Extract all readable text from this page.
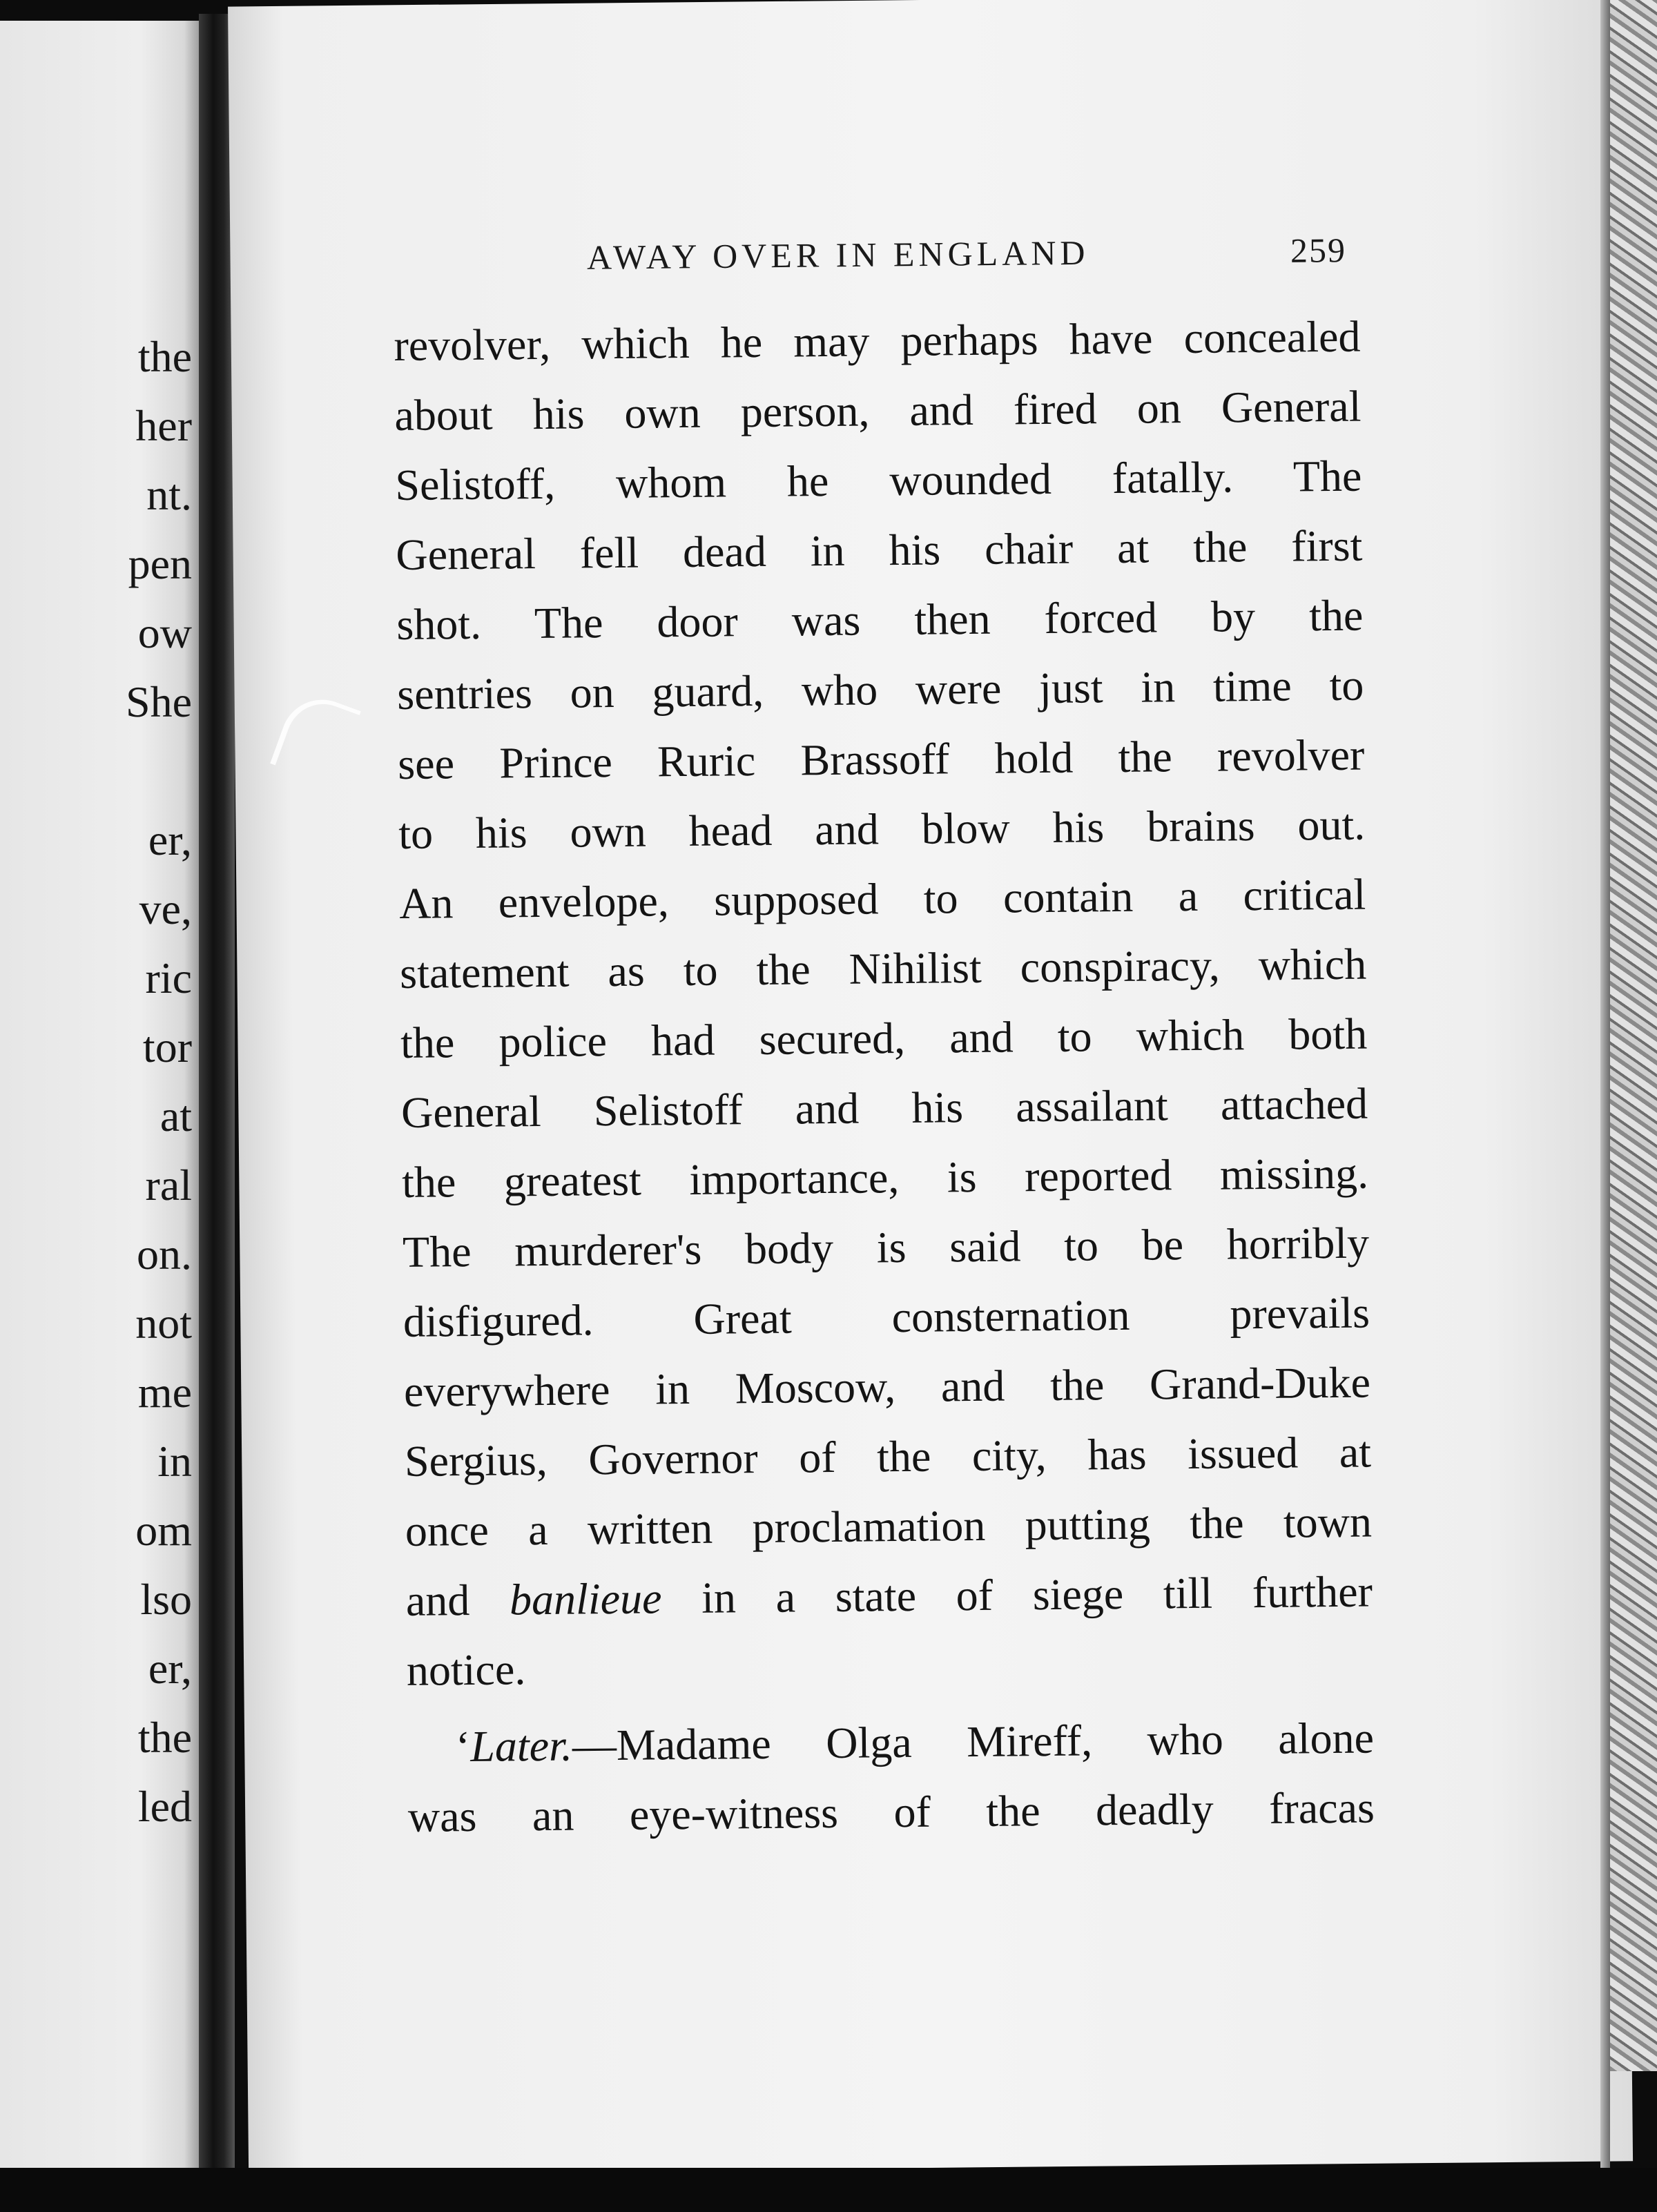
the
her
nt.
pen
ow
She
er,
ve,
ric
tor
at
ral
on.
not
me
in
om
lso
er,
the
led
AWAY OVER IN ENGLAND	259
revolver, which he may perhaps have concealed
about his own person, and fired on General
Selistoff, whom he wounded fatally. The
General fell dead in his chair at the first
shot. The door was then forced by the
sentries on guard, who were just in time to
see Prince Ruric Brassoff hold the revolver
to his own head and blow his brains out.
An envelope, supposed to contain a critical
statement as to the Nihilist conspiracy, which
the police had secured, and to which both
General Selistoff and his assailant attached
the greatest importance, is reported missing.
The murderer's body is said to be horribly
disfigured. Great consternation prevails
everywhere in Moscow, and the Grand-Duke
Sergius, Governor of the city, has issued at
once a written proclamation putting the town
and banlieue in a state of siege till further
notice.
‘Later.—Madame Olga Mireff, who alone
was an eye-witness of the deadly fracas
